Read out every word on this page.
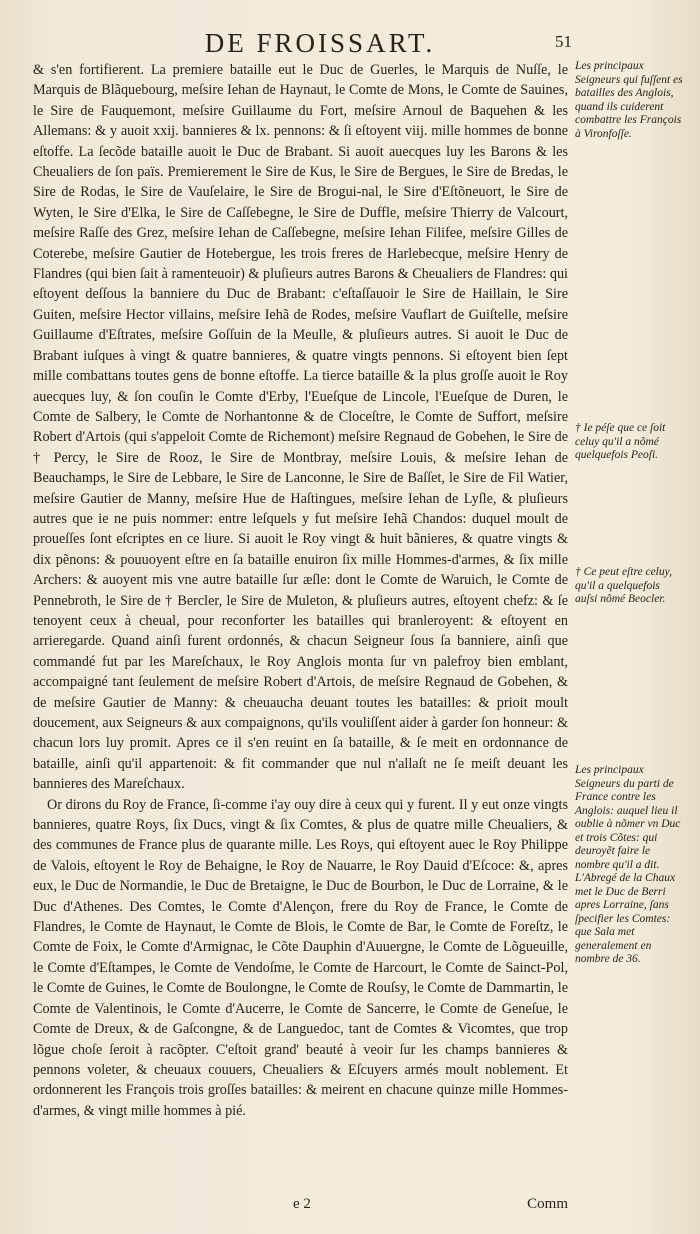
DE FROISSART.	51

& s'en fortifierent. La premiere bataille eut le Duc de Guerles, le Marquis de Nuſſe, le Marquis de Blãquebourg, meſsire Iehan de Haynaut, le Comte de Mons, le Comte de Sauines, le Sire de Fauquemont, meſsire Guillaume du Fort, meſsire Arnoul de Baquehen & les Allemans: & y auoit xxij. bannieres & lx. pennons: & ſi eſtoyent viij. mille hommes de bonne eſtoffe. La ſecõde bataille auoit le Duc de Brabant. Si auoit auecques luy les Barons & les Cheualiers de ſon païs. Premierement le Sire de Kus, le Sire de Bergues, le Sire de Bredas, le Sire de Rodas, le Sire de Vauſelaire, le Sire de Brogui-nal, le Sire d'Eſtõneuort, le Sire de Wyten, le Sire d'Elka, le Sire de Caſſebegne, le Sire de Duffle, meſsire Thierry de Valcourt, meſsire Raſſe des Grez, meſsire Iehan de Caſſebegne, meſsire Iehan Filifee, meſsire Gilles de Coterebe, meſsire Gautier de Hotebergue, les trois freres de Harlebecque, meſsire Henry de Flandres (qui bien ſait à ramenteuoir) & pluſieurs autres Barons & Cheualiers de Flandres: qui eſtoyent deſſous la banniere du Duc de Brabant: c'eſtaſſauoir le Sire de Haillain, le Sire Guiten, meſsire Hector villains, meſsire Iehã de Rodes, meſsire Vauflart de Guiſtelle, meſsire Guillaume d'Eſtrates, meſsire Goſſuin de la Meulle, & pluſieurs autres. Si auoit le Duc de Brabant iuſques à vingt & quatre bannieres, & quatre vingts pennons. Si eſtoyent bien ſept mille combattans toutes gens de bonne eſtoffe. La tierce bataille & la plus groſſe auoit le Roy auecques luy, & ſon couſin le Comte d'Erby, l'Eueſque de Lincole, l'Eueſque de Duren, le Comte de Salbery, le Comte de Norhantonne & de Cloceſtre, le Comte de Suffort, meſsire Robert d'Artois (qui s'appeloit Comte de Richemont) meſsire Regnaud de Gobehen, le Sire de † Percy, le Sire de Rooz, le Sire de Montbray, meſsire Louis, & meſsire Iehan de Beauchamps, le Sire de Lebbare, le Sire de Lanconne, le Sire de Baſſet, le Sire de Fil Watier, meſsire Gautier de Manny, meſsire Hue de Haſtingues, meſsire Iehan de Lyſle, & pluſieurs autres que ie ne puis nommer: entre leſquels y fut meſsire Iehã Chandos: duquel moult de proueſſes ſont eſcriptes en ce liure. Si auoit le Roy vingt & huit bãnieres, & quatre vingts & dix pẽnons: & pouuoyent eſtre en ſa bataille enuiron ſix mille Hommes-d'armes, & ſix mille Archers: & auoyent mis vne autre bataille ſur æſle: dont le Comte de Waruich, le Comte de Pennebroth, le Sire de † Bercler, le Sire de Muleton, & pluſieurs autres, eſtoyent chefz: & ſe tenoyent ceux à cheual, pour reconforter les batailles qui branleroyent: & eſtoyent en arrieregarde. Quand ainſi furent ordonnés, & chacun Seigneur ſous ſa banniere, ainſi que commandé fut par les Mareſchaux, le Roy Anglois monta ſur vn palefroy bien emblant, accompaigné tant ſeulement de meſsire Robert d'Artois, de meſsire Regnaud de Gobehen, & de meſsire Gautier de Manny: & cheuaucha deuant toutes les batailles: & prioit moult doucement, aux Seigneurs & aux compaignons, qu'ils vouliſſent aider à garder ſon honneur: & chacun lors luy promit. Apres ce il s'en reuint en ſa bataille, & ſe meit en ordonnance de bataille, ainſi qu'il appartenoit: & fit commander que nul n'allaſt ne ſe meiſt deuant les bannieres des Mareſchaux.

Or dirons du Roy de France, ſi-comme i'ay ouy dire à ceux qui y furent. Il y eut onze vingts bannieres, quatre Roys, ſix Ducs, vingt & ſix Comtes, & plus de quatre mille Cheualiers, & des communes de France plus de quarante mille. Les Roys, qui eſtoyent auec le Roy Philippe de Valois, eſtoyent le Roy de Behaigne, le Roy de Nauarre, le Roy Dauid d'Eſcoce: &, apres eux, le Duc de Normandie, le Duc de Bretaigne, le Duc de Bourbon, le Duc de Lorraine, & le Duc d'Athenes. Des Comtes, le Comte d'Alençon, frere du Roy de France, le Comte de Flandres, le Comte de Haynaut, le Comte de Blois, le Comte de Bar, le Comte de Foreſtz, le Comte de Foix, le Comte d'Armignac, le Cõte Dauphin d'Auuergne, le Comte de Lõgueuille, le Comte d'Eſtampes, le Comte de Vendoſme, le Comte de Harcourt, le Comte de Sainct-Pol, le Comte de Guines, le Comte de Boulongne, le Comte de Rouſsy, le Comte de Dammartin, le Comte de Valentinois, le Comte d'Aucerre, le Comte de Sancerre, le Comte de Geneſue, le Comte de Dreux, & de Gaſcongne, & de Languedoc, tant de Comtes & Vicomtes, que trop lõgue choſe ſeroit à racõpter. C'eſtoit grand' beauté à veoir ſur les champs bannieres & pennons voleter, & cheuaux couuers, Cheualiers & Eſcuyers armés moult noblement. Et ordonnerent les François trois groſſes batailles: & meirent en chacune quinze mille Hommes-d'armes, & vingt mille hommes à pié.

Les principaux Seigneurs qui fuſſent es batailles des Anglois, quand ils cuiderent combattre les François à Vironfoſſe.

† Ie péſe que ce ſoit celuy qu'il a nõmé quelquefois Peoſi.

† Ce peut eſtre celuy, qu'il a quelquefois auſsi nõmé Beocler.

Les principaux Seigneurs du parti de France contre les Anglois: auquel lieu il oublie à nõmer vn Duc et trois Cõtes: qui deuroyẽt faire le nombre qu'il a dit. L'Abregé de la Chaux met le Duc de Berri apres Lorraine, ſans ſpecifier les Comtes: que Sala met generalement en nombre de 36.

e 2	Comm
